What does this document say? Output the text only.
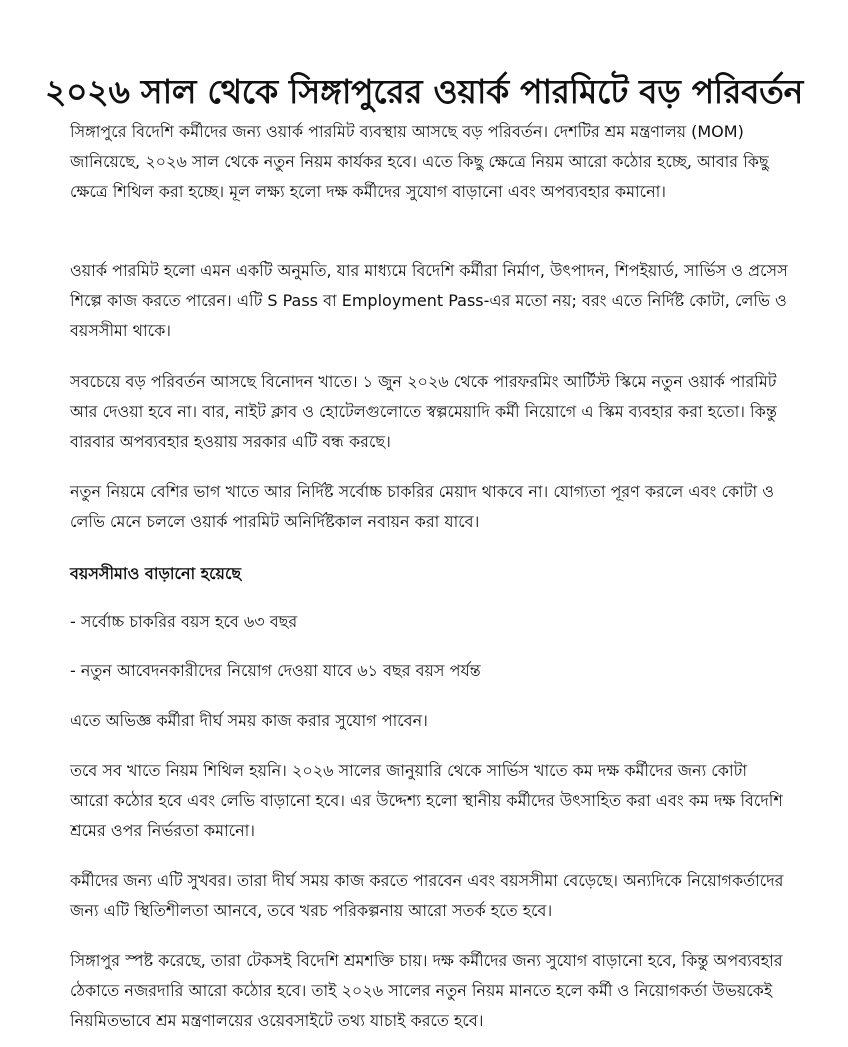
২০২৬ সাল থেকে সিঙ্গাপুরের ওয়ার্ক পারমিটে বড় পরিবর্তন

সিঙ্গাপুরে বিদেশি কর্মীদের জন্য ওয়ার্ক পারমিট ব্যবস্থায় আসছে বড় পরিবর্তন। দেশটির শ্রম মন্ত্রণালয় (MOM) জানিয়েছে, ২০২৬ সাল থেকে নতুন নিয়ম কার্যকর হবে। এতে কিছু ক্ষেত্রে নিয়ম আরো কঠোর হচ্ছে, আবার কিছু ক্ষেত্রে শিথিল করা হচ্ছে। মূল লক্ষ্য হলো দক্ষ কর্মীদের সুযোগ বাড়ানো এবং অপব্যবহার কমানো।

ওয়ার্ক পারমিট হলো এমন একটি অনুমতি, যার মাধ্যমে বিদেশি কর্মীরা নির্মাণ, উৎপাদন, শিপইয়ার্ড, সার্ভিস ও প্রসেস শিল্পে কাজ করতে পারেন। এটি S Pass বা Employment Pass-এর মতো নয়; বরং এতে নির্দিষ্ট কোটা, লেভি ও বয়সসীমা থাকে।

সবচেয়ে বড় পরিবর্তন আসছে বিনোদন খাতে। ১ জুন ২০২৬ থেকে পারফরমিং আর্টিস্ট স্কিমে নতুন ওয়ার্ক পারমিট আর দেওয়া হবে না। বার, নাইট ক্লাব ও হোটেলগুলোতে স্বল্পমেয়াদি কর্মী নিয়োগে এ স্কিম ব্যবহার করা হতো। কিন্তু বারবার অপব্যবহার হওয়ায় সরকার এটি বন্ধ করছে।

নতুন নিয়মে বেশির ভাগ খাতে আর নির্দিষ্ট সর্বোচ্চ চাকরির মেয়াদ থাকবে না। যোগ্যতা পূরণ করলে এবং কোটা ও লেভি মেনে চললে ওয়ার্ক পারমিট অনির্দিষ্টকাল নবায়ন করা যাবে।

বয়সসীমাও বাড়ানো হয়েছে

- সর্বোচ্চ চাকরির বয়স হবে ৬৩ বছর

- নতুন আবেদনকারীদের নিয়োগ দেওয়া যাবে ৬১ বছর বয়স পর্যন্ত

এতে অভিজ্ঞ কর্মীরা দীর্ঘ সময় কাজ করার সুযোগ পাবেন।

তবে সব খাতে নিয়ম শিথিল হয়নি। ২০২৬ সালের জানুয়ারি থেকে সার্ভিস খাতে কম দক্ষ কর্মীদের জন্য কোটা আরো কঠোর হবে এবং লেভি বাড়ানো হবে। এর উদ্দেশ্য হলো স্থানীয় কর্মীদের উৎসাহিত করা এবং কম দক্ষ বিদেশি শ্রমের ওপর নির্ভরতা কমানো।

কর্মীদের জন্য এটি সুখবর। তারা দীর্ঘ সময় কাজ করতে পারবেন এবং বয়সসীমা বেড়েছে। অন্যদিকে নিয়োগকর্তাদের জন্য এটি স্থিতিশীলতা আনবে, তবে খরচ পরিকল্পনায় আরো সতর্ক হতে হবে।

সিঙ্গাপুর স্পষ্ট করেছে, তারা টেকসই বিদেশি শ্রমশক্তি চায়। দক্ষ কর্মীদের জন্য সুযোগ বাড়ানো হবে, কিন্তু অপব্যবহার ঠেকাতে নজরদারি আরো কঠোর হবে। তাই ২০২৬ সালের নতুন নিয়ম মানতে হলে কর্মী ও নিয়োগকর্তা উভয়কেই নিয়মিতভাবে শ্রম মন্ত্রণালয়ের ওয়েবসাইটে তথ্য যাচাই করতে হবে।
